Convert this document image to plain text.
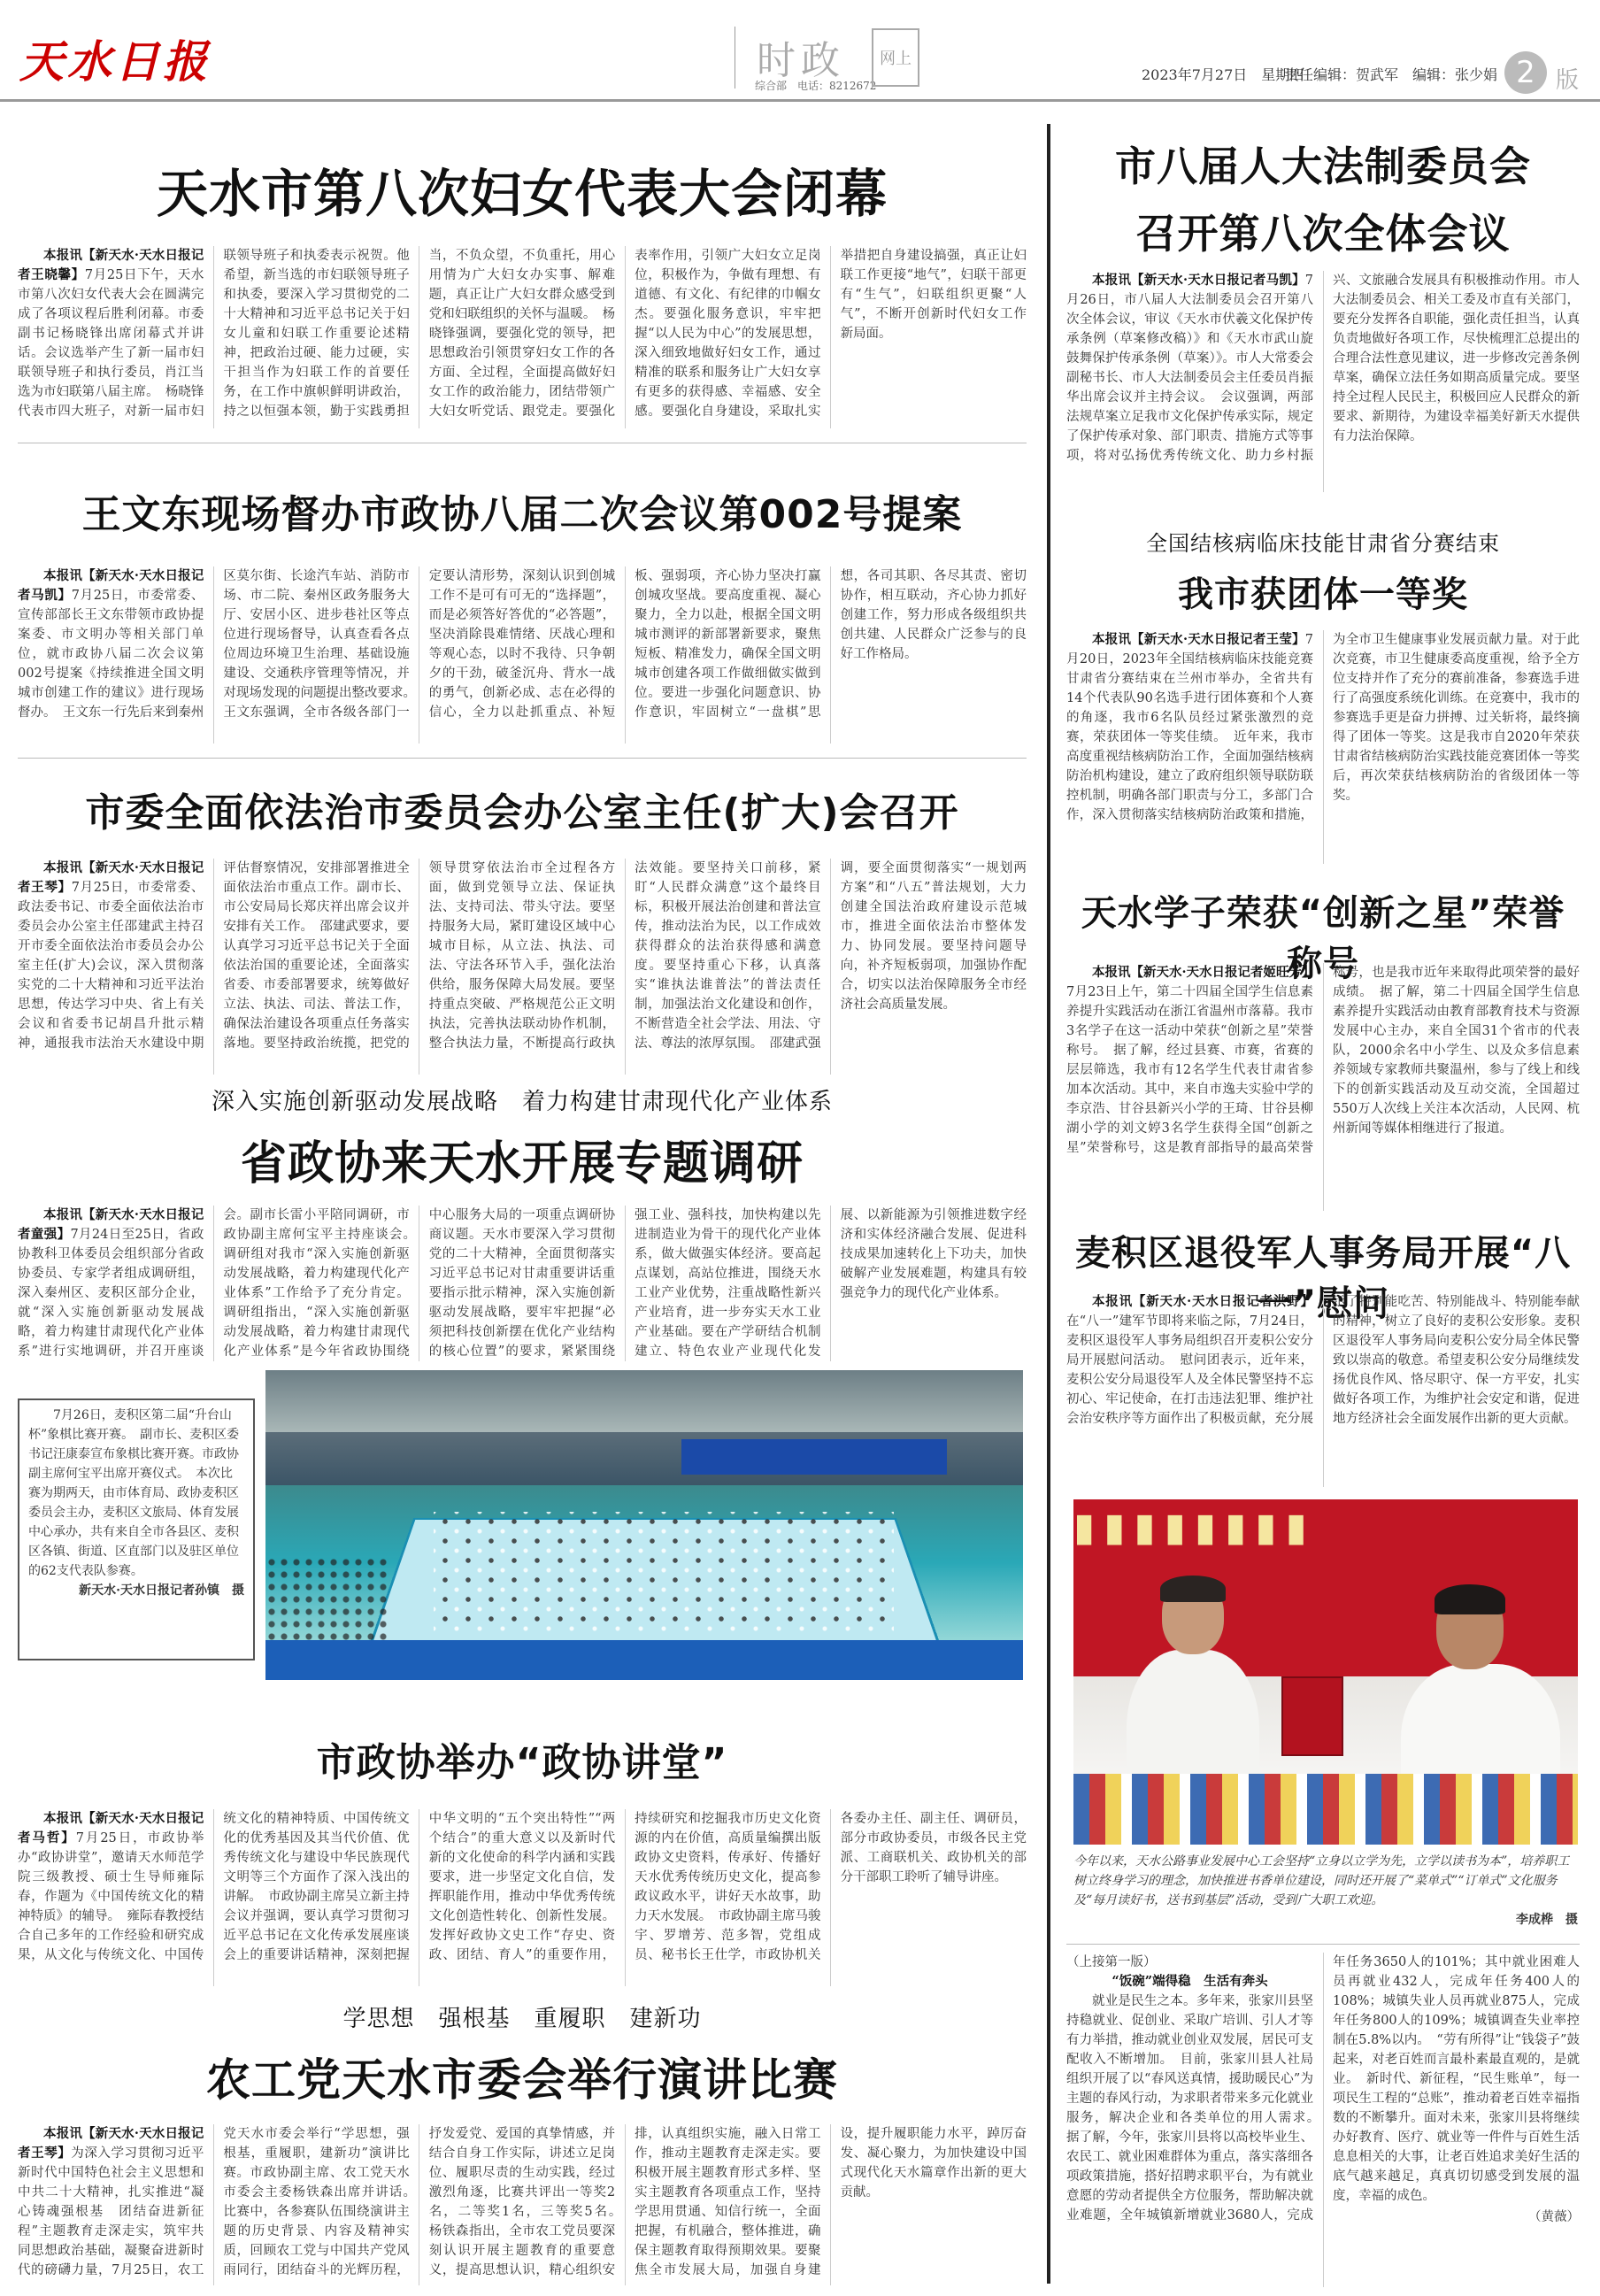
天水日报	时政
综合部　电话：8212672
网上
2023年7月27日　星期四
责任编辑：贺武军　编辑：张少娟 2 版
天水市第八次妇女代表大会闭幕

本报讯【新天水·天水日报记者王晓馨】7月25日下午，天水市第八次妇女代表大会在圆满完成了各项议程后胜利闭幕。市委副书记杨晓锋出席闭幕式并讲话。会议选举产生了新一届市妇联领导班子和执行委员，肖江当选为市妇联第八届主席。　杨晓锋代表市四大班子，对新一届市妇联领导班子和执委表示祝贺。他希望，新当选的市妇联领导班子和执委，要深入学习贯彻党的二十大精神和习近平总书记关于妇女儿童和妇联工作重要论述精神，把政治过硬、能力过硬，实干担当作为妇联工作的首要任务，在工作中旗帜鲜明讲政治，持之以恒强本领，勤于实践勇担当，不负众望，不负重托，用心用情为广大妇女办实事、解难题，真正让广大妇女群众感受到党和妇联组织的关怀与温暖。　杨晓锋强调，要强化党的领导，把思想政治引领贯穿妇女工作的各方面、全过程，全面提高做好妇女工作的政治能力，团结带领广大妇女听党话、跟党走。要强化表率作用，引领广大妇女立足岗位，积极作为，争做有理想、有道德、有文化、有纪律的巾帼女杰。要强化服务意识，牢牢把握“以人民为中心”的发展思想，深入细致地做好妇女工作，通过精准的联系和服务让广大妇女享有更多的获得感、幸福感、安全感。要强化自身建设，采取扎实举措把自身建设搞强，真正让妇联工作更接“地气”，妇联干部更有“生气”，妇联组织更聚“人气”，不断开创新时代妇女工作新局面。

王文东现场督办市政协八届二次会议第002号提案

本报讯【新天水·天水日报记者马凯】7月25日，市委常委、宣传部部长王文东带领市政协提案委、市文明办等相关部门单位，就市政协八届二次会议第002号提案《持续推进全国文明城市创建工作的建议》进行现场督办。　王文东一行先后来到秦州区莫尔街、长途汽车站、消防市场、市二院、秦州区政务服务大厅、安居小区、进步巷社区等点位进行现场督导，认真查看各点位周边环境卫生治理、基础设施建设、交通秩序管理等情况，并对现场发现的问题提出整改要求。　王文东强调，全市各级各部门一定要认清形势，深刻认识到创城工作不是可有可无的“选择题”，而是必须答好答优的“必答题”，坚决消除畏难情绪、厌战心理和等观心态，以时不我待、只争朝夕的干劲，破釜沉舟、背水一战的勇气，创新必成、志在必得的信心，全力以赴抓重点、补短板、强弱项，齐心协力坚决打赢创城攻坚战。要高度重视、凝心聚力，全力以赴，根据全国文明城市测评的新部署新要求，聚焦短板、精准发力，确保全国文明城市创建各项工作做细做实做到位。要进一步强化问题意识、协作意识，牢固树立“一盘棋”思想，各司其职、各尽其责、密切协作，相互联动，齐心协力抓好创建工作，努力形成各级组织共创共建、人民群众广泛参与的良好工作格局。

市委全面依法治市委员会办公室主任(扩大)会召开

本报讯【新天水·天水日报记者王琴】7月25日，市委常委、政法委书记、市委全面依法治市委员会办公室主任邵建武主持召开市委全面依法治市委员会办公室主任(扩大)会议，深入贯彻落实党的二十大精神和习近平法治思想，传达学习中央、省上有关会议和省委书记胡昌升批示精神，通报我市法治天水建设中期评估督察情况，安排部署推进全面依法治市重点工作。副市长、市公安局局长郑庆祥出席会议并安排有关工作。　邵建武要求，要认真学习习近平总书记关于全面依法治国的重要论述，全面落实省委、市委部署要求，统筹做好立法、执法、司法、普法工作，确保法治建设各项重点任务落实落地。要坚持政治统揽，把党的领导贯穿依法治市全过程各方面，做到党领导立法、保证执法、支持司法、带头守法。要坚持服务大局，紧盯建设区域中心城市目标，从立法、执法、司法、守法各环节入手，强化法治供给，服务保障大局发展。要坚持重点突破、严格规范公正文明执法，完善执法联动协作机制，整合执法力量，不断提高行政执法效能。要坚持关口前移，紧盯“人民群众满意”这个最终目标，积极开展法治创建和普法宣传，推动法治为民，以工作成效获得群众的法治获得感和满意度。要坚持重心下移，认真落实“谁执法谁普法”的普法责任制，加强法治文化建设和创作，不断营造全社会学法、用法、守法、尊法的浓厚氛围。　邵建武强调，要全面贯彻落实“一规划两方案”和“八五”普法规划，大力创建全国法治政府建设示范城市，推进全面依法治市整体发力、协同发展。要坚持问题导向，补齐短板弱项，加强协作配合，切实以法治保障服务全市经济社会高质量发展。

深入实施创新驱动发展战略　着力构建甘肃现代化产业体系
省政协来天水开展专题调研

本报讯【新天水·天水日报记者童强】7月24日至25日，省政协教科卫体委员会组织部分省政协委员、专家学者组成调研组，深入秦州区、麦积区部分企业，就“深入实施创新驱动发展战略，着力构建甘肃现代化产业体系”进行实地调研，并召开座谈会。副市长雷小平陪同调研，市政协副主席何宝平主持座谈会。　调研组对我市“深入实施创新驱动发展战略，着力构建现代化产业体系”工作给予了充分肯定。调研组指出，“深入实施创新驱动发展战略，着力构建甘肃现代化产业体系”是今年省政协围绕中心服务大局的一项重点调研协商议题。天水市要深入学习贯彻党的二十大精神，全面贯彻落实习近平总书记对甘肃重要讲话重要指示批示精神，深入实施创新驱动发展战略，要牢牢把握“必须把科技创新摆在优化产业结构的核心位置”的要求，紧紧围绕强工业、强科技，加快构建以先进制造业为骨干的现代化产业体系，做大做强实体经济。要高起点谋划，高站位推进，围绕天水工业产业优势，注重战略性新兴产业培育，进一步夯实天水工业产业基础。要在产学研结合机制建立、特色农业产业现代化发展、以新能源为引领推进数字经济和实体经济融合发展、促进科技成果加速转化上下功夫，加快破解产业发展难题，构建具有较强竞争力的现代化产业体系。

7月26日，麦积区第二届“升台山杯”象棋比赛开赛。　副市长、麦积区委书记汪康泰宣布象棋比赛开赛。市政协副主席何宝平出席开赛仪式。　本次比赛为期两天，由市体育局、政协麦积区委员会主办，麦积区文旅局、体育发展中心承办，共有来自全市各县区、麦积区各镇、街道、区直部门以及驻区单位的62支代表队参赛。

新天水·天水日报记者孙镇　摄
市政协举办“政协讲堂”

本报讯【新天水·天水日报记者马哲】7月25日，市政协举办“政协讲堂”，邀请天水师范学院三级教授、硕士生导师雍际春，作题为《中国传统文化的精神特质》的辅导。　雍际春教授结合自己多年的工作经验和研究成果，从文化与传统文化、中国传统文化的精神特质、中国传统文化的优秀基因及其当代价值、优秀传统文化与建设中华民族现代文明等三个方面作了深入浅出的讲解。　市政协副主席吴立新主持会议并强调，要认真学习贯彻习近平总书记在文化传承发展座谈会上的重要讲话精神，深刻把握中华文明的“五个突出特性”“两个结合”的重大意义以及新时代新的文化使命的科学内涵和实践要求，进一步坚定文化自信，发挥职能作用，推动中华优秀传统文化创造性转化、创新性发展。发挥好政协文史工作“存史、资政、团结、育人”的重要作用，持续研究和挖掘我市历史文化资源的内在价值，高质量编撰出版政协文史资料，传承好、传播好天水优秀传统历史文化，提高参政议政水平，讲好天水故事，助力天水发展。　市政协副主席马骏宇、罗增芳、范多智，党组成员、秘书长王仕学，市政协机关各委办主任、副主任、调研员，部分市政协委员，市级各民主党派、工商联机关、政协机关的部分干部职工聆听了辅导讲座。

学思想　强根基　重履职　建新功
农工党天水市委会举行演讲比赛

本报讯【新天水·天水日报记者王琴】为深入学习贯彻习近平新时代中国特色社会主义思想和中共二十大精神，扎实推进“凝心铸魂强根基　团结奋进新征程”主题教育走深走实，筑牢共同思想政治基础，凝聚奋进新时代的磅礴力量，7月25日，农工党天水市委会举行“学思想，强根基，重履职，建新功”演讲比赛。市政协副主席、农工党天水市委会主委杨铁森出席并讲话。　比赛中，各参赛队伍围绕演讲主题的历史背景、内容及精神实质，回顾农工党与中国共产党风雨同行，团结奋斗的光辉历程，抒发爱党、爱国的真挚情感，并结合自身工作实际，讲述立足岗位、履职尽责的生动实践，经过激烈角逐，比赛共评出一等奖2名，二等奖1名，三等奖5名。　杨铁森指出，全市农工党员要深刻认识开展主题教育的重要意义，提高思想认识，精心组织安排，认真组织实施，融入日常工作，推动主题教育走深走实。要积极开展主题教育形式多样、坚实主题教育各项重点工作，坚持学思用贯通、知信行统一，全面把握，有机融合，整体推进，确保主题教育取得预期效果。要聚焦全市发展大局，加强自身建设，提升履职能力水平，踔厉奋发、凝心聚力，为加快建设中国式现代化天水篇章作出新的更大贡献。

市八届人大法制委员会
召开第八次全体会议

本报讯【新天水·天水日报记者马凯】7月26日，市八届人大法制委员会召开第八次全体会议，审议《天水市伏羲文化保护传承条例（草案修改稿）》和《天水市武山旋鼓舞保护传承条例（草案）》。市人大常委会副秘书长、市人大法制委员会主任委员肖振华出席会议并主持会议。　会议强调，两部法规草案立足我市文化保护传承实际，规定了保护传承对象、部门职责、措施方式等事项，将对弘扬优秀传统文化、助力乡村振兴、文旅融合发展具有积极推动作用。市人大法制委员会、相关工委及市直有关部门，要充分发挥各自职能，强化责任担当，认真负责地做好各项工作，尽快梳理汇总提出的合理合法性意见建议，进一步修改完善条例草案，确保立法任务如期高质量完成。要坚持全过程人民民主，积极回应人民群众的新要求、新期待，为建设幸福美好新天水提供有力法治保障。

全国结核病临床技能甘肃省分赛结束
我市获团体一等奖

本报讯【新天水·天水日报记者王莹】7月20日，2023年全国结核病临床技能竞赛甘肃省分赛结束在兰州市举办，全省共有14个代表队90名选手进行团体赛和个人赛的角逐，我市6名队员经过紧张激烈的竞赛，荣获团体一等奖佳绩。　近年来，我市高度重视结核病防治工作，全面加强结核病防治机构建设，建立了政府组织领导联防联控机制，明确各部门职责与分工，多部门合作，深入贯彻落实结核病防治政策和措施，为全市卫生健康事业发展贡献力量。对于此次竞赛，市卫生健康委高度重视，给予全方位支持并作了充分的赛前准备，参赛选手进行了高强度系统化训练。在竞赛中，我市的参赛选手更是奋力拼搏、过关斩将，最终摘得了团体一等奖。这是我市自2020年荣获甘肃省结核病防治实践技能竞赛团体一等奖后，再次荣获结核病防治的省级团体一等奖。

天水学子荣获“创新之星”荣誉称号

本报讯【新天水·天水日报记者姬旺芳】7月23日上午，第二十四届全国学生信息素养提升实践活动在浙江省温州市落幕。我市3名学子在这一活动中荣获“创新之星”荣誉称号。　据了解，经过县赛、市赛，省赛的层层筛选，我市有12名学生代表甘肃省参加本次活动。其中，来自市逸夫实验中学的李京浩、甘谷县新兴小学的王琦、甘谷县柳湖小学的刘文婷3名学生获得全国“创新之星”荣誉称号，这是教育部指导的最高荣誉称号，也是我市近年来取得此项荣誉的最好成绩。　据了解，第二十四届全国学生信息素养提升实践活动由教育部教育技术与资源发展中心主办，来自全国31个省市的代表队，2000余名中小学生、以及众多信息素养领域专家教师共聚温州，参与了线上和线下的创新实践活动及互动交流，全国超过550万人次线上关注本次活动，人民网、杭州新闻等媒体相继进行了报道。

麦积区退役军人事务局开展“八一”慰问

本报讯【新天水·天水日报记者洪野】在“八一”建军节即将来临之际，7月24日，麦积区退役军人事务局组织召开麦积公安分局开展慰问活动。　慰问团表示，近年来，麦积公安分局退役军人及全体民警坚持不忘初心、牢记使命，在打击违法犯罪、维护社会治安秩序等方面作出了积极贡献，充分展示了特别能吃苦、特别能战斗、特别能奉献的精神，树立了良好的麦积公安形象。麦积区退役军人事务局向麦积公安分局全体民警致以崇高的敬意。希望麦积公安分局继续发扬优良作风、恪尽职守、保一方平安，扎实做好各项工作，为维护社会安定和谐，促进地方经济社会全面发展作出新的更大贡献。

▮▮▮▮▮▮▮▮
今年以来，天水公路事业发展中心工会坚持“立身以立学为先，立学以读书为本”，培养职工树立终身学习的理念，加快推进书香单位建设，同时还开展了“菜单式”“订单式”文化服务及“每月读好书，送书到基层”活动，受到广大职工欢迎。
李成桦　摄
（上接第一版）
“饭碗”端得稳　生活有奔头

就业是民生之本。多年来，张家川县坚持稳就业、促创业、采取广培训、引人才等有力举措，推动就业创业双发展，居民可支配收入不断增加。　目前，张家川县人社局组织开展了以“春风送真情，援助暖民心”为主题的春风行动，为求职者带来多元化就业服务，解决企业和各类单位的用人需求。　据了解，今年，张家川县将以高校毕业生、农民工、就业困难群体为重点，落实落细各项政策措施，搭好招聘求职平台，为有就业意愿的劳动者提供全方位服务，帮助解决就业难题，全年城镇新增就业3680人，完成年任务3650人的101%；其中就业困难人员再就业432人，完成年任务400人的108%；城镇失业人员再就业875人，完成年任务800人的109%；城镇调查失业率控制在5.8%以内。　“劳有所得”让“钱袋子”鼓起来，对老百姓而言最朴素最直观的，是就业。　新时代、新征程，“民生账单”，每一项民生工程的“总账”，推动着老百姓幸福指数的不断攀升。面对未来，张家川县将继续办好教育、医疗、就业等一件件与百姓生活息息相关的大事，让老百姓追求美好生活的底气越来越足，真真切切感受到发展的温度，幸福的成色。

（黄薇）
